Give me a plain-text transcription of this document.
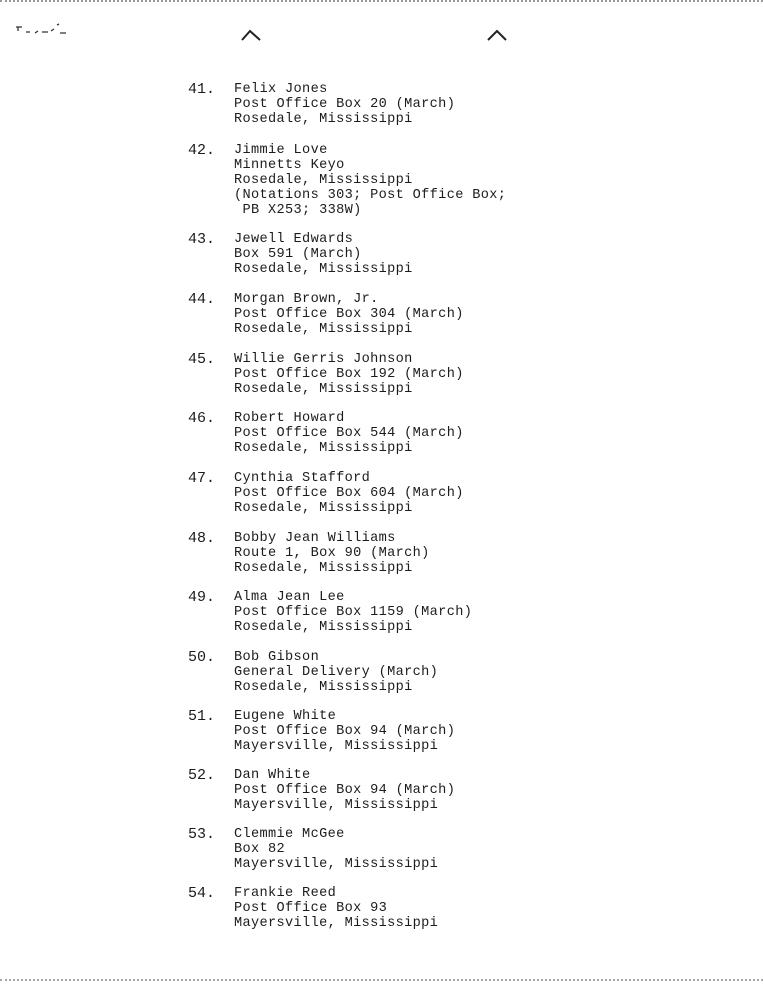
41. Felix Jones
Post Office Box 20 (March)
Rosedale, Mississippi
42. Jimmie Love
Minnetts Keyo
Rosedale, Mississippi
(Notations 303; Post Office Box;
PB X253; 338W)
43. Jewell Edwards
Box 591 (March)
Rosedale, Mississippi
44. Morgan Brown, Jr.
Post Office Box 304 (March)
Rosedale, Mississippi
45. Willie Gerris Johnson
Post Office Box 192 (March)
Rosedale, Mississippi
46. Robert Howard
Post Office Box 544 (March)
Rosedale, Mississippi
47. Cynthia Stafford
Post Office Box 604 (March)
Rosedale, Mississippi
48. Bobby Jean Williams
Route 1, Box 90 (March)
Rosedale, Mississippi
49. Alma Jean Lee
Post Office Box 1159 (March)
Rosedale, Mississippi
50. Bob Gibson
General Delivery (March)
Rosedale, Mississippi
51. Eugene White
Post Office Box 94 (March)
Mayersville, Mississippi
52. Dan White
Post Office Box 94 (March)
Mayersville, Mississippi
53. Clemmie McGee
Box 82
Mayersville, Mississippi
54. Frankie Reed
Post Office Box 93
Mayersville, Mississippi
